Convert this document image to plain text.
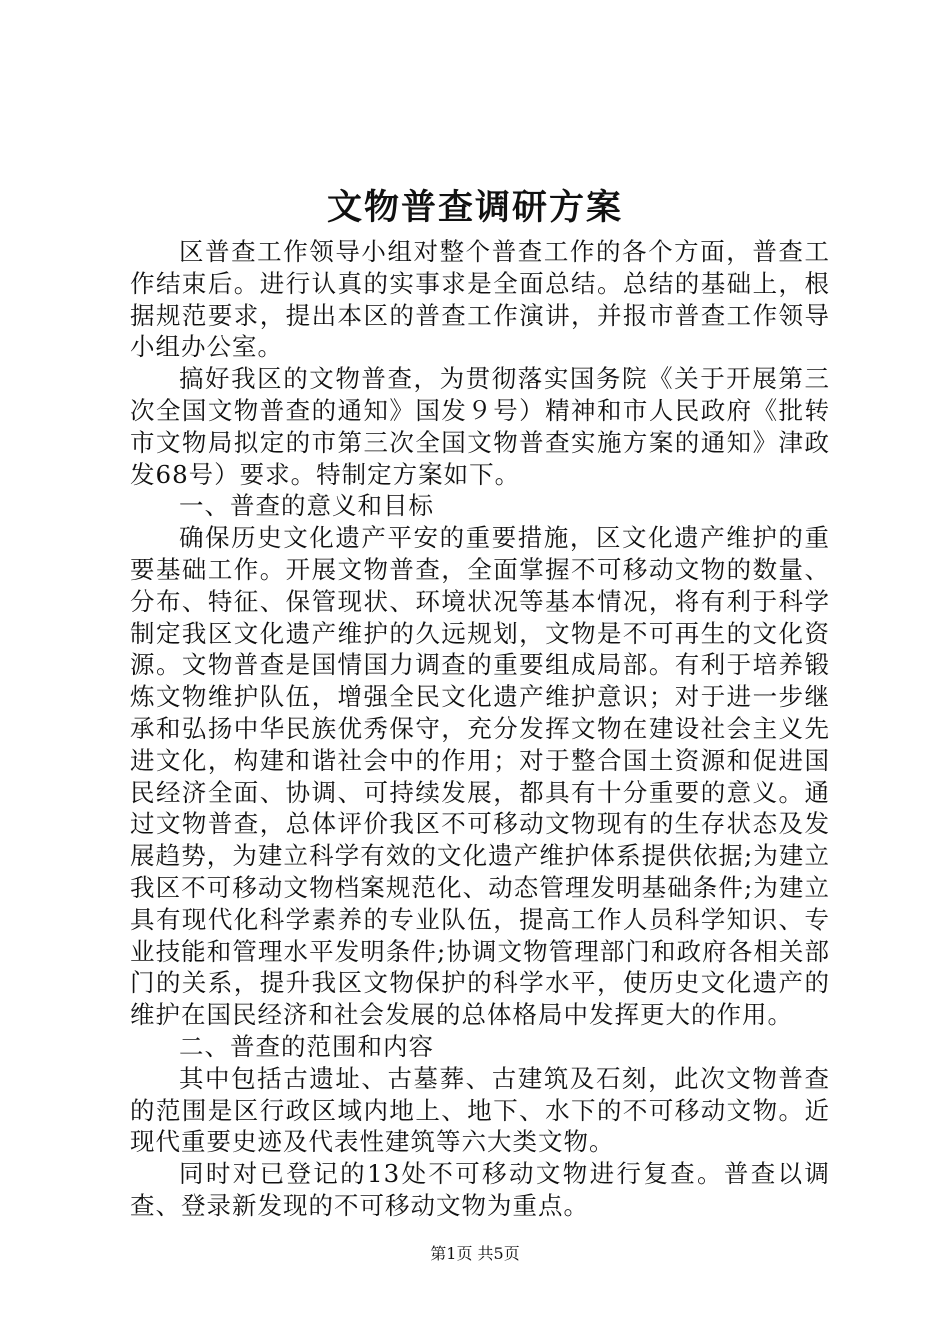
文物普查调研方案

区普查工作领导小组对整个普查工作的各个方面，普查工作结束后。进行认真的实事求是全面总结。总结的基础上，根据规范要求，提出本区的普查工作演讲，并报市普查工作领导小组办公室。

搞好我区的文物普查，为贯彻落实国务院《关于开展第三次全国文物普查的通知》国发９号）精神和市人民政府《批转市文物局拟定的市第三次全国文物普查实施方案的通知》津政发68号）要求。特制定方案如下。

一、普查的意义和目标

确保历史文化遗产平安的重要措施，区文化遗产维护的重要基础工作。开展文物普查，全面掌握不可移动文物的数量、分布、特征、保管现状、环境状况等基本情况，将有利于科学制定我区文化遗产维护的久远规划，文物是不可再生的文化资源。文物普查是国情国力调查的重要组成局部。有利于培养锻炼文物维护队伍，增强全民文化遗产维护意识；对于进一步继承和弘扬中华民族优秀保守，充分发挥文物在建设社会主义先进文化，构建和谐社会中的作用；对于整合国土资源和促进国民经济全面、协调、可持续发展，都具有十分重要的意义。通过文物普查，总体评价我区不可移动文物现有的生存状态及发展趋势，为建立科学有效的文化遗产维护体系提供依据;为建立我区不可移动文物档案规范化、动态管理发明基础条件;为建立具有现代化科学素养的专业队伍，提高工作人员科学知识、专业技能和管理水平发明条件;协调文物管理部门和政府各相关部门的关系，提升我区文物保护的科学水平，使历史文化遗产的维护在国民经济和社会发展的总体格局中发挥更大的作用。

二、普查的范围和内容

其中包括古遗址、古墓葬、古建筑及石刻，此次文物普查的范围是区行政区域内地上、地下、水下的不可移动文物。近现代重要史迹及代表性建筑等六大类文物。

同时对已登记的13处不可移动文物进行复查。普查以调查、登录新发现的不可移动文物为重点。

第1页 共5页
